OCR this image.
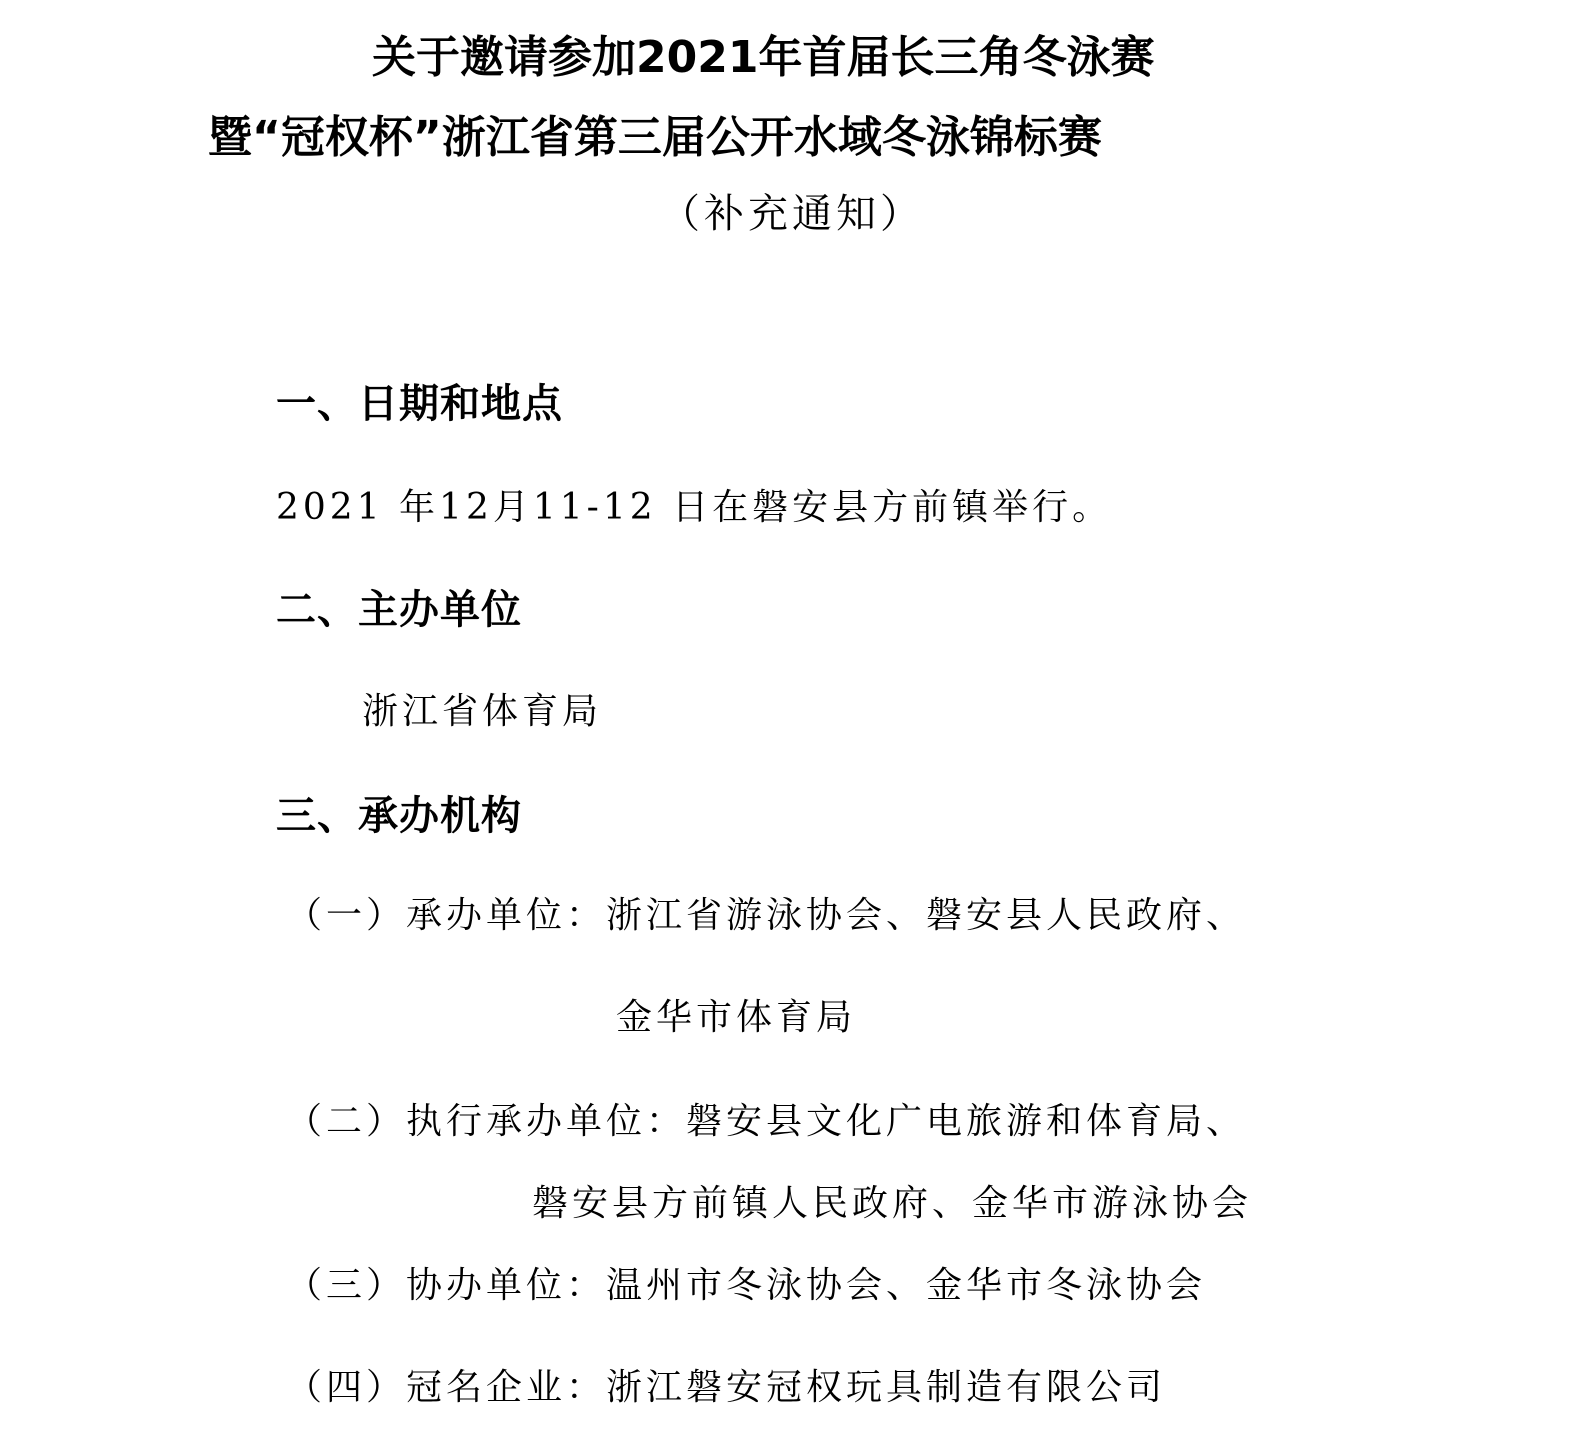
关于邀请参加2021年首届长三角冬泳赛
暨“冠权杯”浙江省第三届公开水域冬泳锦标赛
（补充通知）
一、日期和地点
2021 年12月11-12 日在磐安县方前镇举行。
二、主办单位
浙江省体育局
三、承办机构
（一）承办单位：浙江省游泳协会、磐安县人民政府、
金华市体育局
（二）执行承办单位：磐安县文化广电旅游和体育局、
磐安县方前镇人民政府、金华市游泳协会
（三）协办单位：温州市冬泳协会、金华市冬泳协会
（四）冠名企业：浙江磐安冠权玩具制造有限公司
